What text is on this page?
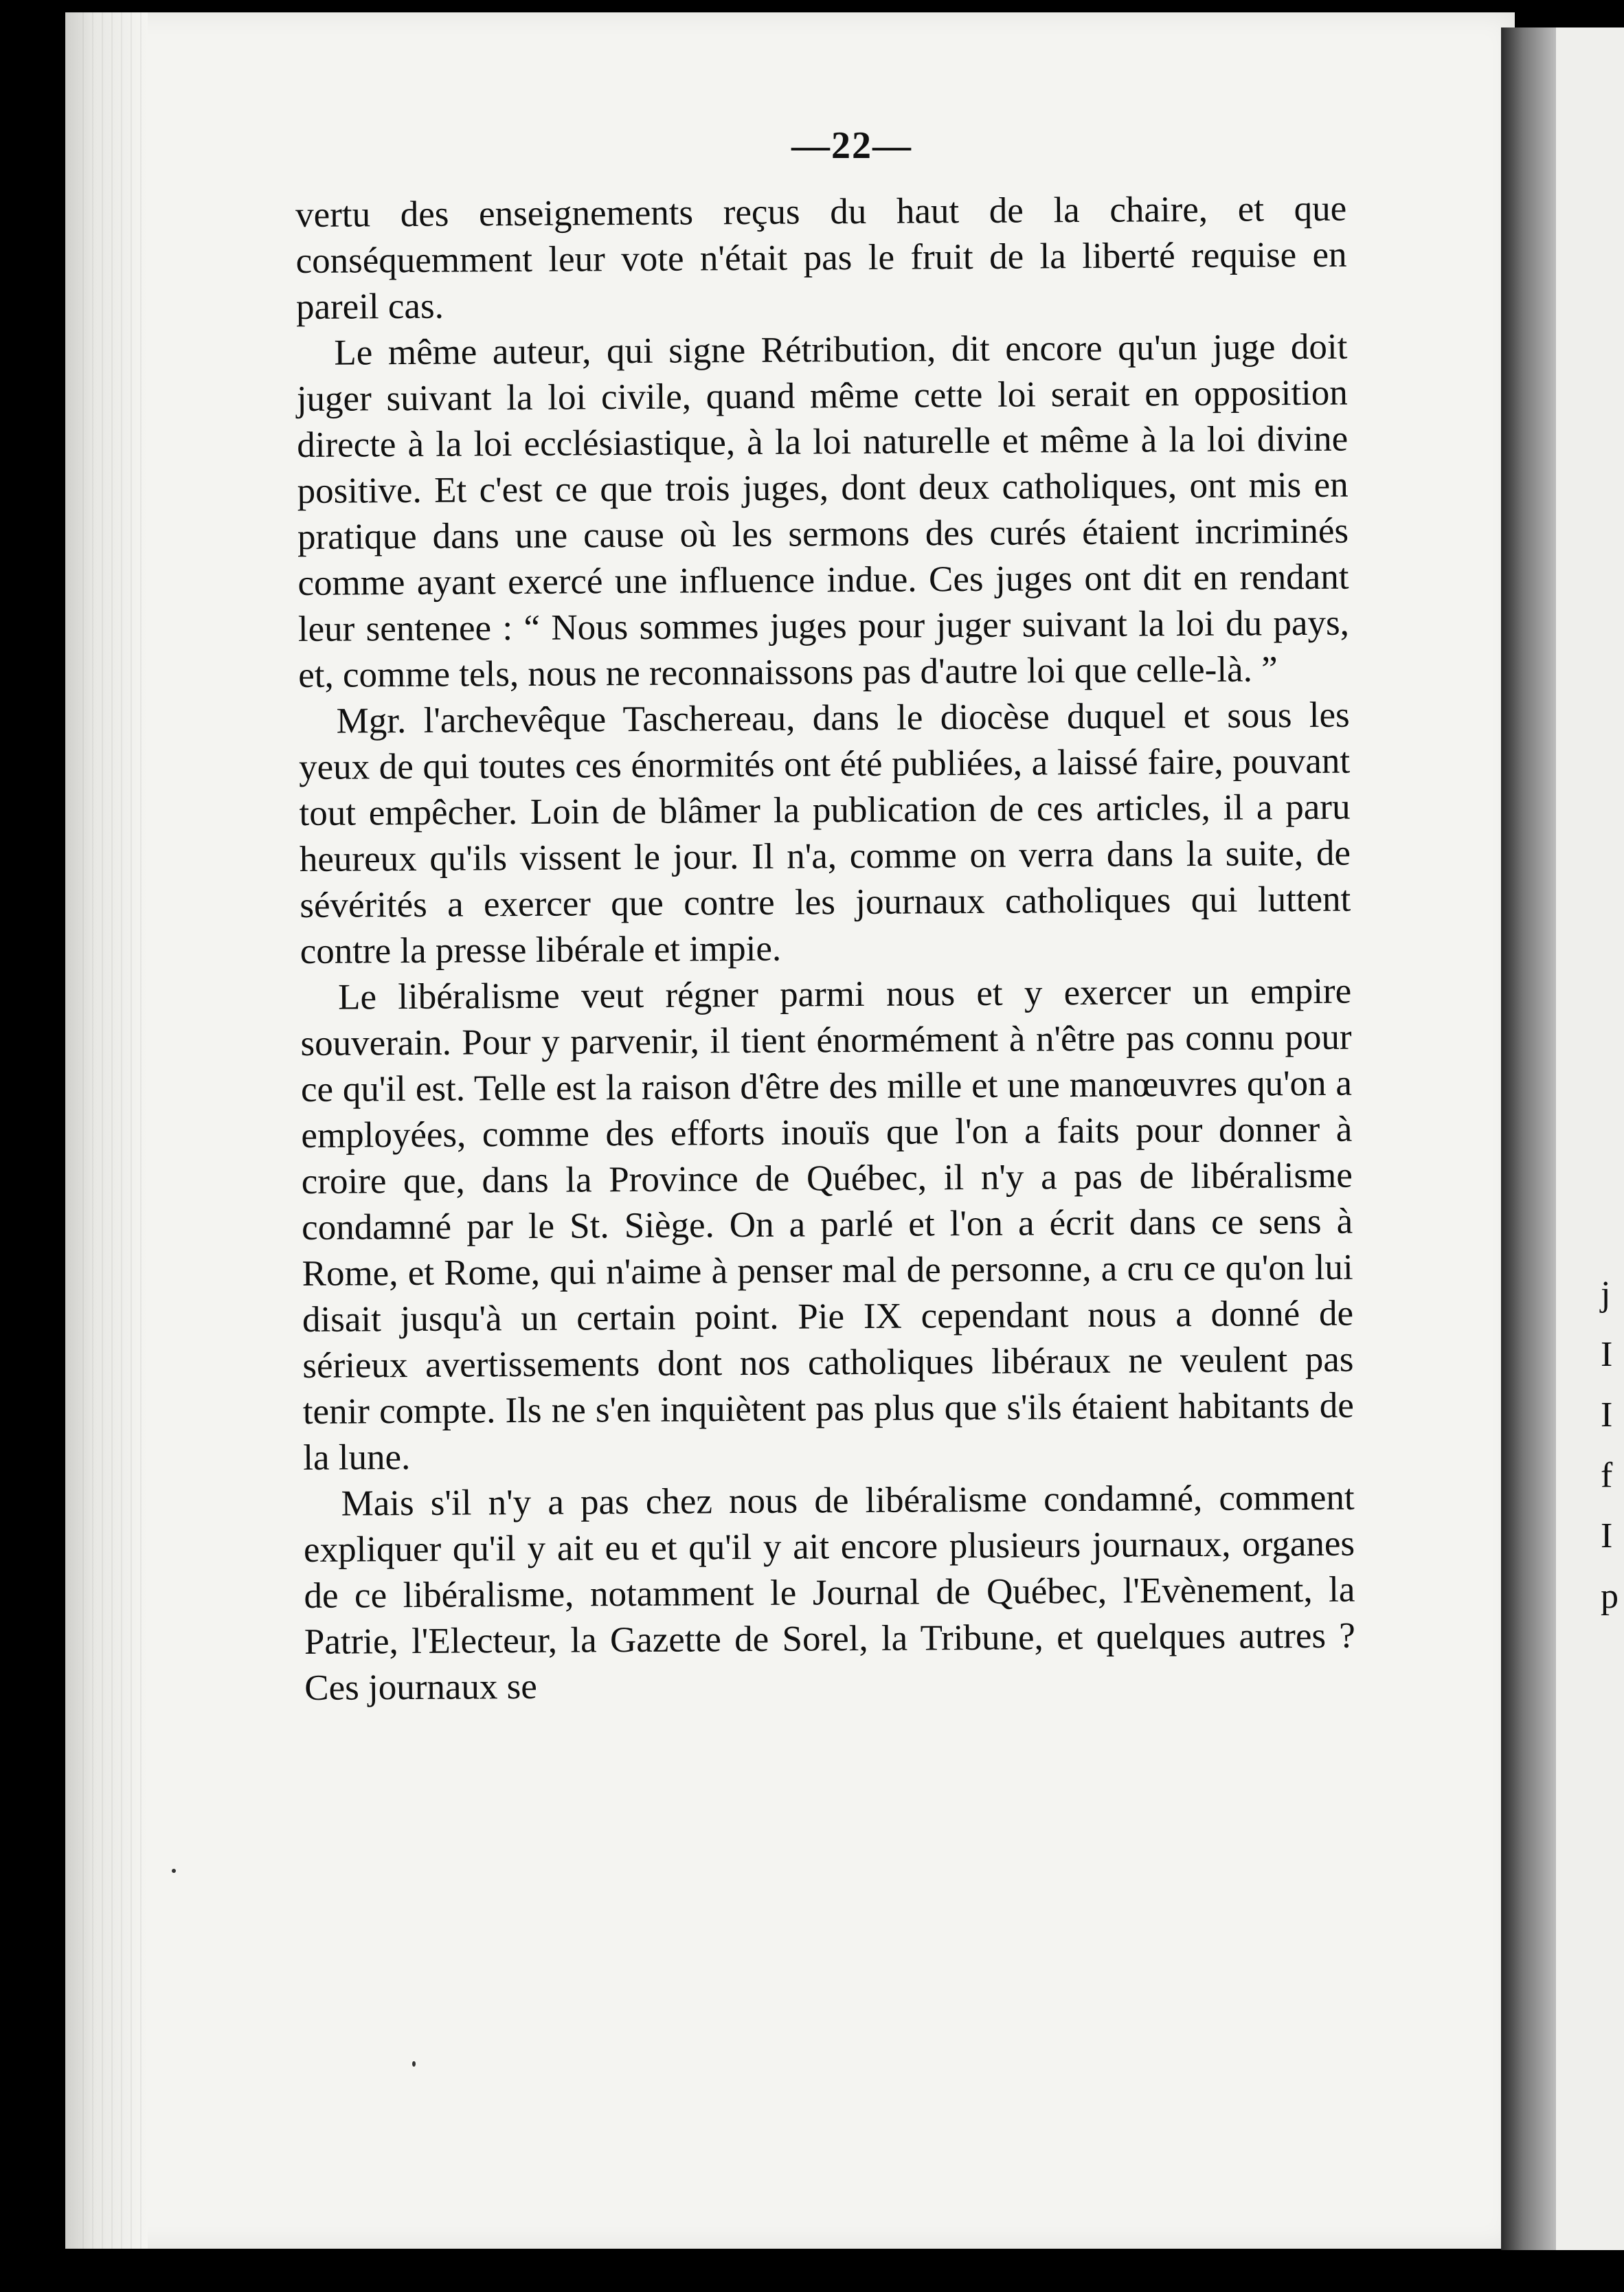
j I I f I p
—22—

vertu des enseignements reçus du haut de la chaire, et que conséquemment leur vote n'était pas le fruit de la liberté requise en pareil cas.

Le même auteur, qui signe Rétribution, dit encore qu'un juge doit juger suivant la loi civile, quand même cette loi serait en opposition directe à la loi ecclésiastique, à la loi naturelle et même à la loi divine positive. Et c'est ce que trois juges, dont deux catholiques, ont mis en pratique dans une cause où les sermons des curés étaient incriminés comme ayant exercé une influence indue. Ces juges ont dit en rendant leur sentenee : “ Nous sommes juges pour juger suivant la loi du pays, et, comme tels, nous ne reconnaissons pas d'autre loi que celle-là. ”

Mgr. l'archevêque Taschereau, dans le diocèse duquel et sous les yeux de qui toutes ces énormités ont été publiées, a laissé faire, pouvant tout empêcher. Loin de blâmer la publication de ces articles, il a paru heureux qu'ils vissent le jour. Il n'a, comme on verra dans la suite, de sévérités a exercer que contre les journaux catholiques qui luttent contre la presse libérale et impie.

Le libéralisme veut régner parmi nous et y exercer un empire souverain. Pour y parvenir, il tient énormément à n'être pas connu pour ce qu'il est. Telle est la raison d'être des mille et une manœuvres qu'on a employées, comme des efforts inouïs que l'on a faits pour donner à croire que, dans la Province de Québec, il n'y a pas de libéralisme condamné par le St. Siège. On a parlé et l'on a écrit dans ce sens à Rome, et Rome, qui n'aime à penser mal de personne, a cru ce qu'on lui disait jusqu'à un certain point. Pie IX cependant nous a donné de sérieux avertissements dont nos catholiques libéraux ne veulent pas tenir compte. Ils ne s'en inquiètent pas plus que s'ils étaient habitants de la lune.

Mais s'il n'y a pas chez nous de libéralisme condamné, comment expliquer qu'il y ait eu et qu'il y ait encore plusieurs journaux, organes de ce libéralisme, notamment le Journal de Québec, l'Evènement, la Patrie, l'Electeur, la Gazette de Sorel, la Tribune, et quelques autres ? Ces journaux se
